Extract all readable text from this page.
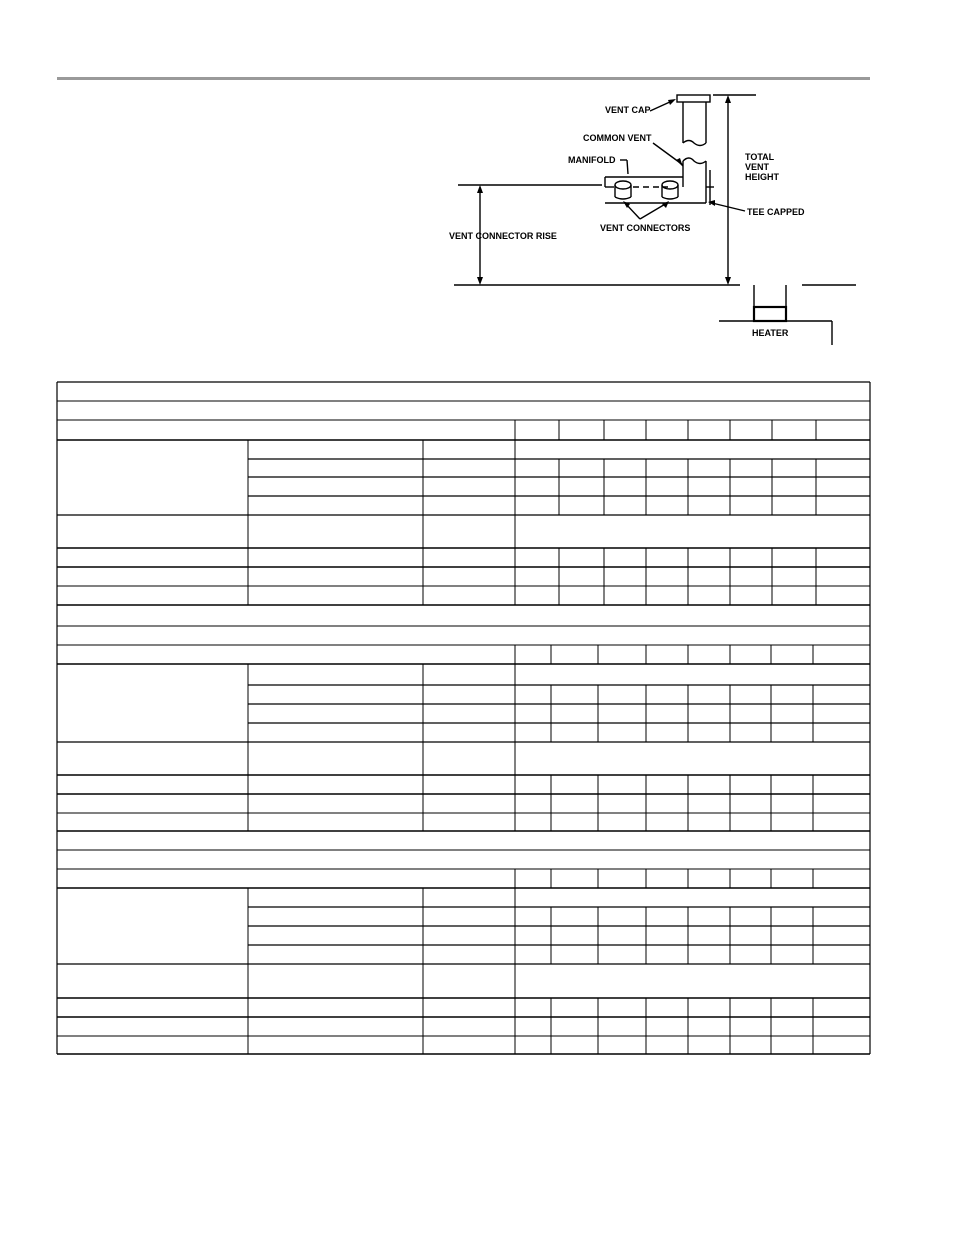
VENT CAP
COMMON VENT
MANIFOLD	TOTAL
VENT
HEIGHT
TEE CAPPED
VENT CONNECTORS
VENT CONNECTOR RISE
HEATER
